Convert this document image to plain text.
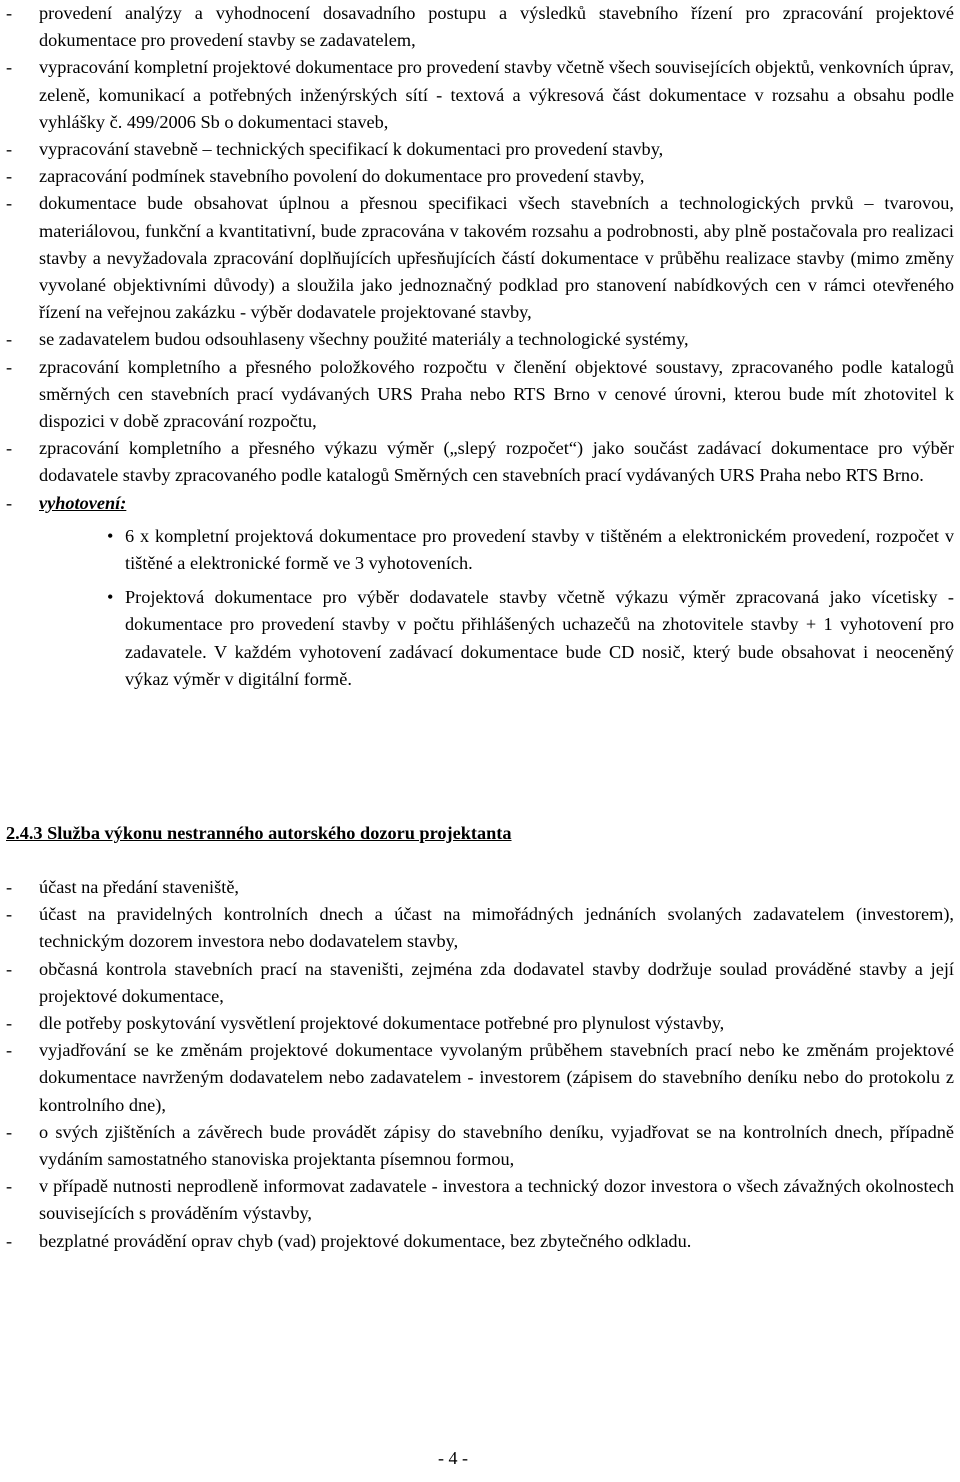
- provedení analýzy a vyhodnocení dosavadního postupu a výsledků stavebního řízení pro zpracování projektové dokumentace pro provedení stavby se zadavatelem,
- vypracování kompletní projektové dokumentace pro provedení stavby včetně všech souvisejících objektů, venkovních úprav, zeleně, komunikací a potřebných inženýrských sítí - textová a výkresová část dokumentace v rozsahu a obsahu podle vyhlášky č. 499/2006 Sb o dokumentaci staveb,
- vypracování stavebně – technických specifikací k dokumentaci pro provedení stavby,
- zapracování podmínek stavebního povolení do dokumentace pro provedení stavby,
- dokumentace bude obsahovat úplnou a přesnou specifikaci všech stavebních a technologických prvků – tvarovou, materiálovou, funkční a kvantitativní, bude zpracována v takovém rozsahu a podrobnosti, aby plně postačovala pro realizaci stavby a nevyžadovala zpracování doplňujících upřesňujících částí dokumentace v průběhu realizace stavby (mimo změny vyvolané objektivními důvody) a sloužila jako jednoznačný podklad pro stanovení nabídkových cen v rámci otevřeného řízení na veřejnou zakázku - výběr dodavatele projektované stavby,
- se zadavatelem budou odsouhlaseny všechny použité materiály a technologické systémy,
- zpracování kompletního a přesného položkového rozpočtu v členění objektové soustavy, zpracovaného podle katalogů směrných cen stavebních prací vydávaných URS Praha nebo RTS Brno v cenové úrovni, kterou bude mít zhotovitel k dispozici v době zpracování rozpočtu,
- zpracování kompletního a přesného výkazu výměr („slepý rozpočet“) jako součást zadávací dokumentace pro výběr dodavatele stavby zpracovaného podle katalogů Směrných cen stavebních prací vydávaných URS Praha nebo RTS Brno.
- vyhotovení:
• 6 x kompletní projektová dokumentace pro provedení stavby v tištěném a elektronickém provedení, rozpočet v tištěné a elektronické formě ve 3 vyhotoveních.
• Projektová dokumentace pro výběr dodavatele stavby včetně výkazu výměr zpracovaná jako vícetisky - dokumentace pro provedení stavby v počtu přihlášených uchazečů na zhotovitele stavby + 1 vyhotovení pro zadavatele. V každém vyhotovení zadávací dokumentace bude CD nosič, který bude obsahovat i neoceněný výkaz výměr v digitální formě.
2.4.3 Služba výkonu nestranného autorského dozoru projektanta
- účast na předání staveniště,
- účast na pravidelných kontrolních dnech a účast na mimořádných jednáních svolaných zadavatelem (investorem), technickým dozorem investora nebo dodavatelem stavby,
- občasná kontrola stavebních prací na staveništi, zejména zda dodavatel stavby dodržuje soulad prováděné stavby a její projektové dokumentace,
- dle potřeby poskytování vysvětlení projektové dokumentace potřebné pro plynulost výstavby,
- vyjadřování se ke změnám projektové dokumentace vyvolaným průběhem stavebních prací nebo ke změnám projektové dokumentace navrženým dodavatelem nebo zadavatelem - investorem (zápisem do stavebního deníku nebo do protokolu z kontrolního dne),
- o svých zjištěních a závěrech bude provádět zápisy do stavebního deníku, vyjadřovat se na kontrolních dnech, případně vydáním samostatného stanoviska projektanta písemnou formou,
- v případě nutnosti neprodleně informovat zadavatele - investora a technický dozor investora o všech závažných okolnostech souvisejících s prováděním výstavby,
- bezplatné provádění oprav chyb (vad) projektové dokumentace, bez zbytečného odkladu.
- 4 -
